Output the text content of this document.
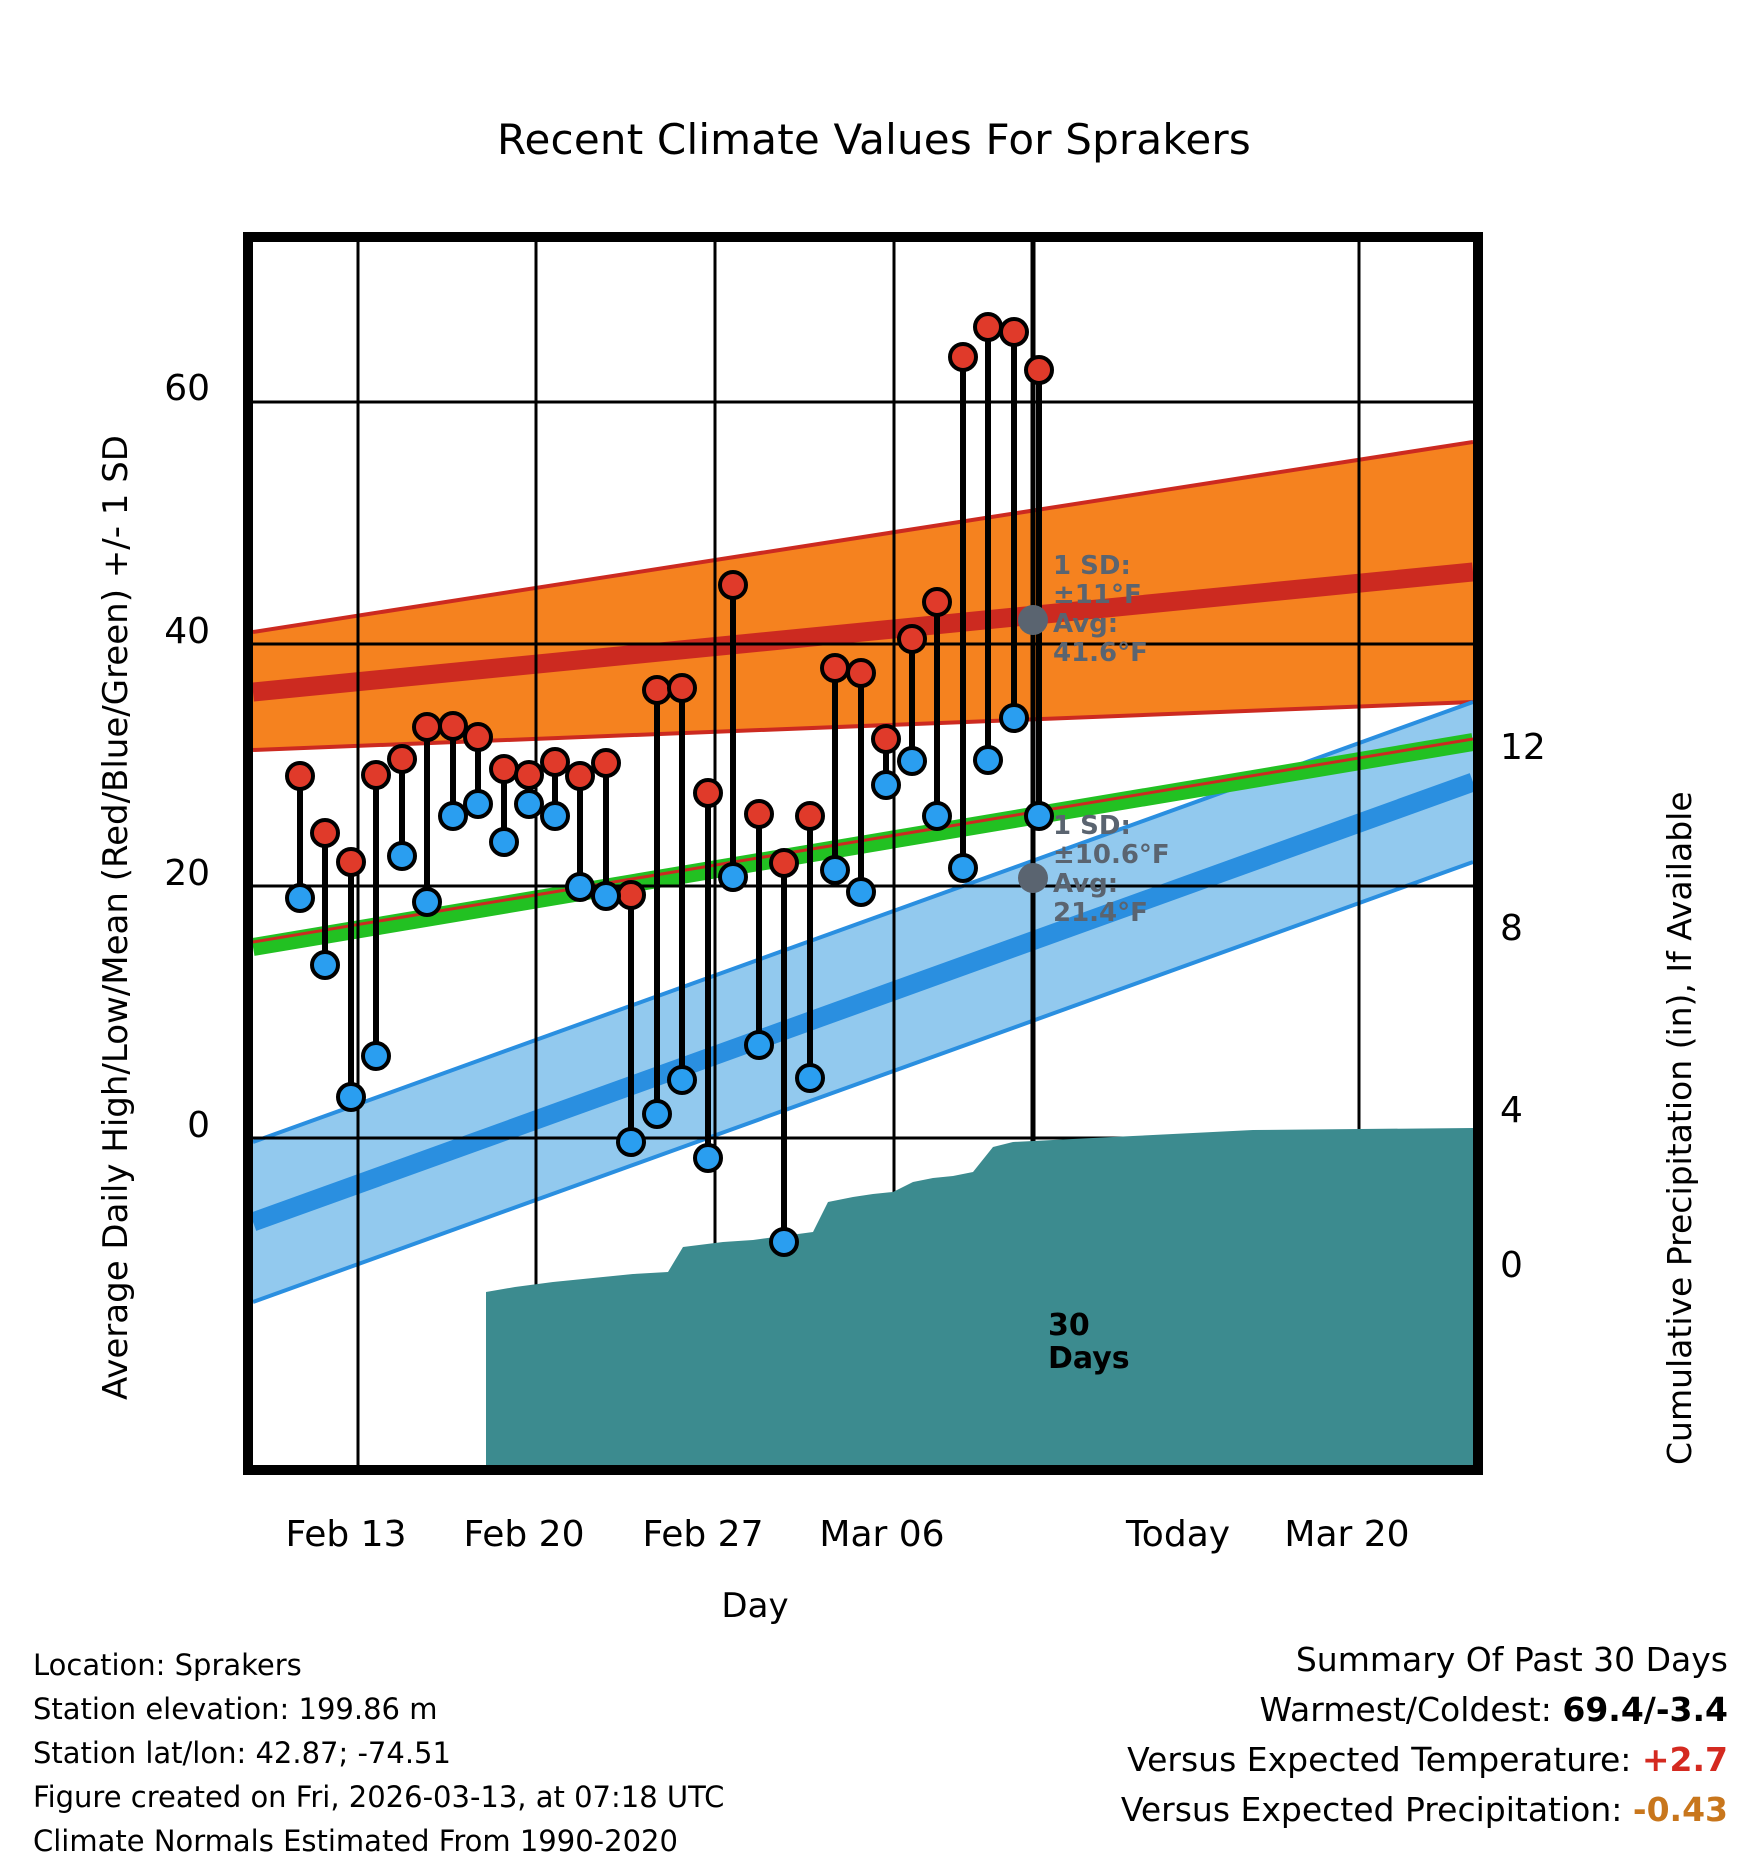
Recent Climate Values For Sprakers
Average Daily High/Low/Mean (Red/Blue/Green) +/- 1 SD	Cumulative Precipitation (in), If Available
Day
0
20
40
60
0
4
8
12
Feb 13	Feb 20	Feb 27	Mar 06	Today	Mar 20
1 SD:
±11°F
Avg:
41.6°F
1 SD:
±10.6°F
Avg:
21.4°F
30
Days
Location: Sprakers
Station elevation: 199.86 m
Station lat/lon: 42.87; -74.51
Figure created on Fri, 2026-03-13, at 07:18 UTC
Climate Normals Estimated From 1990-2020
Summary Of Past 30 Days
Warmest/Coldest: 69.4/-3.4
Versus Expected Temperature: +2.7
Versus Expected Precipitation: -0.43
